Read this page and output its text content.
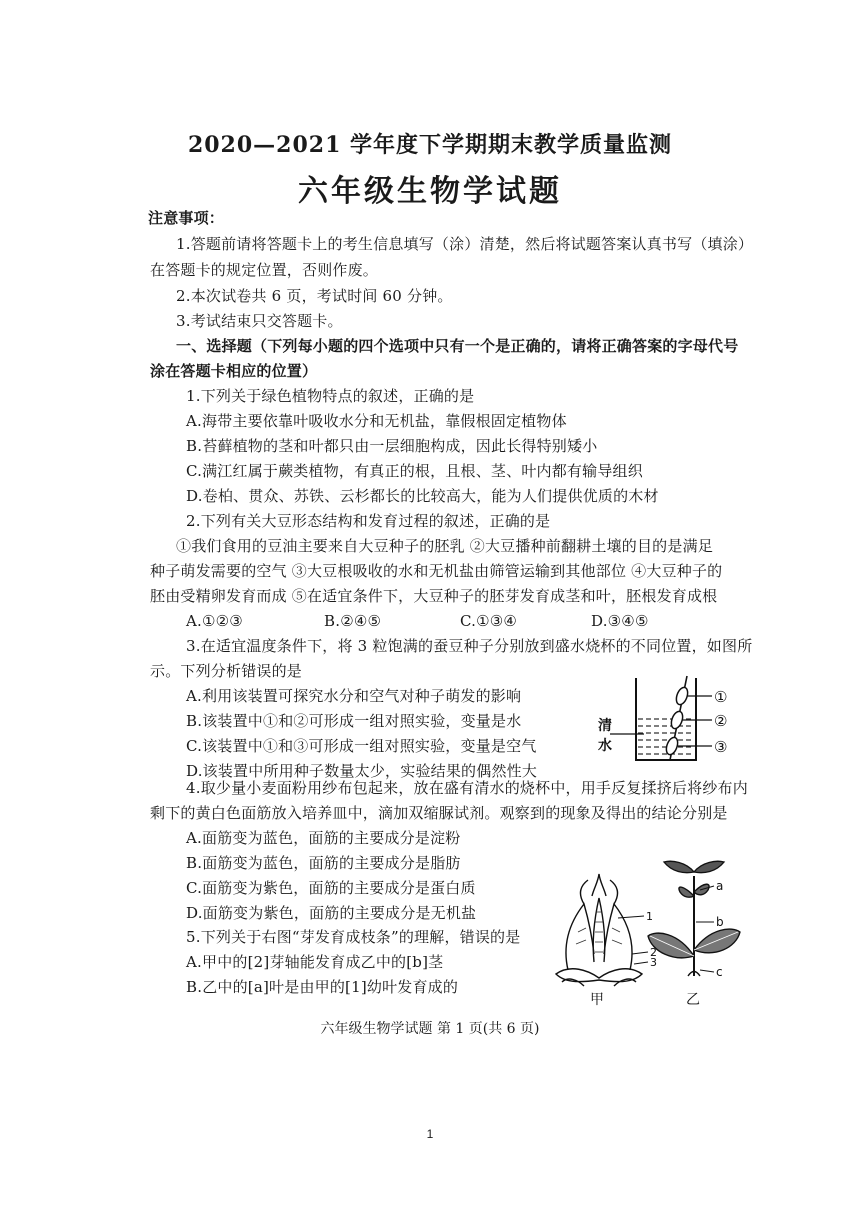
2020—2021 学年度下学期期末教学质量监测
六年级生物学试题
注意事项：
1.答题前请将答题卡上的考生信息填写（涂）清楚，然后将试题答案认真书写（填涂）
在答题卡的规定位置，否则作废。
2.本次试卷共 6 页，考试时间 60 分钟。
3.考试结束只交答题卡。
一、选择题（下列每小题的四个选项中只有一个是正确的，请将正确答案的字母代号
涂在答题卡相应的位置）
1.下列关于绿色植物特点的叙述，正确的是
A.海带主要依靠叶吸收水分和无机盐，靠假根固定植物体
B.苔藓植物的茎和叶都只由一层细胞构成，因此长得特别矮小
C.满江红属于蕨类植物，有真正的根，且根、茎、叶内都有输导组织
D.卷柏、贯众、苏铁、云杉都长的比较高大，能为人们提供优质的木材
2.下列有关大豆形态结构和发育过程的叙述，正确的是
①我们食用的豆油主要来自大豆种子的胚乳 ②大豆播种前翻耕土壤的目的是满足
种子萌发需要的空气 ③大豆根吸收的水和无机盐由筛管运输到其他部位 ④大豆种子的
胚由受精卵发育而成 ⑤在适宜条件下，大豆种子的胚芽发育成茎和叶，胚根发育成根
A.①②③	B.②④⑤	C.①③④	D.③④⑤
3.在适宜温度条件下，将 3 粒饱满的蚕豆种子分别放到盛水烧杯的不同位置，如图所
示。下列分析错误的是
A.利用该装置可探究水分和空气对种子萌发的影响
B.该装置中①和②可形成一组对照实验，变量是水
C.该装置中①和③可形成一组对照实验，变量是空气
D.该装置中所用种子数量太少，实验结果的偶然性大
清
水
①
②
③
4.取少量小麦面粉用纱布包起来，放在盛有清水的烧杯中，用手反复揉挤后将纱布内
剩下的黄白色面筋放入培养皿中，滴加双缩脲试剂。观察到的现象及得出的结论分别是
A.面筋变为蓝色，面筋的主要成分是淀粉
B.面筋变为蓝色，面筋的主要成分是脂肪
C.面筋变为紫色，面筋的主要成分是蛋白质
D.面筋变为紫色，面筋的主要成分是无机盐
5.下列关于右图“芽发育成枝条”的理解，错误的是
A.甲中的[2]芽轴能发育成乙中的[b]茎
B.乙中的[a]叶是由甲的[1]幼叶发育成的
1
2
3
甲
a
b
c
乙
六年级生物学试题 第 1 页(共 6 页)
1
